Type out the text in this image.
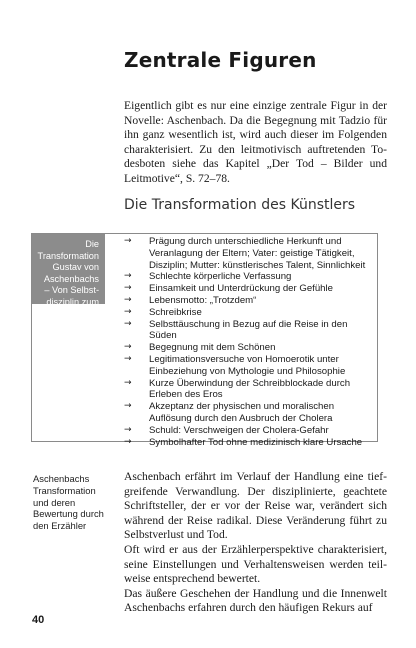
Zentrale Figuren

Eigentlich gibt es nur eine einzige zentrale Figur in der Novelle: Aschenbach. Da die Begegnung mit Tadzio für ihn ganz wesentlich ist, wird auch dieser im Folgenden charakterisiert. Zu den leitmotivisch auftretenden Todesboten siehe das Kapitel „Der Tod – Bilder und Leitmotive“, S. 72–78.

Die Transformation des Künstlers
Die Transformation Gustav von Aschenbachs – Von Selbstdisziplin zum Selbstverlust
→ Prägung durch unterschiedliche Herkunft und Veranlagung der Eltern; Vater: geistige Tätigkeit, Disziplin; Mutter: künstlerisches Talent, Sinnlichkeit
→ Schlechte körperliche Verfassung
→ Einsamkeit und Unterdrückung der Gefühle
→ Lebensmotto: „Trotzdem“
→ Schreibkrise
→ Selbsttäuschung in Bezug auf die Reise in den Süden
→ Begegnung mit dem Schönen
→ Legitimationsversuche von Homoerotik unter Einbeziehung von Mythologie und Philosophie
→ Kurze Überwindung der Schreibblockade durch Erleben des Eros
→ Akzeptanz der physischen und moralischen Auflösung durch den Ausbruch der Cholera
→ Schuld: Verschweigen der Cholera-Gefahr
→ Symbolhafter Tod ohne medizinisch klare Ursache
Aschenbachs Transformation und deren Bewertung durch den Erzähler

Aschenbach erfährt im Verlauf der Handlung eine tiefgreifende Verwandlung. Der disziplinierte, geachtete Schriftsteller, der er vor der Reise war, verändert sich während der Reise radikal. Diese Veränderung führt zu Selbstverlust und Tod.

Oft wird er aus der Erzählerperspektive charakterisiert, seine Einstellungen und Verhaltensweisen werden teilweise entsprechend bewertet.

Das äußere Geschehen der Handlung und die Innenwelt Aschenbachs erfahren durch den häufigen Rekurs auf

40
